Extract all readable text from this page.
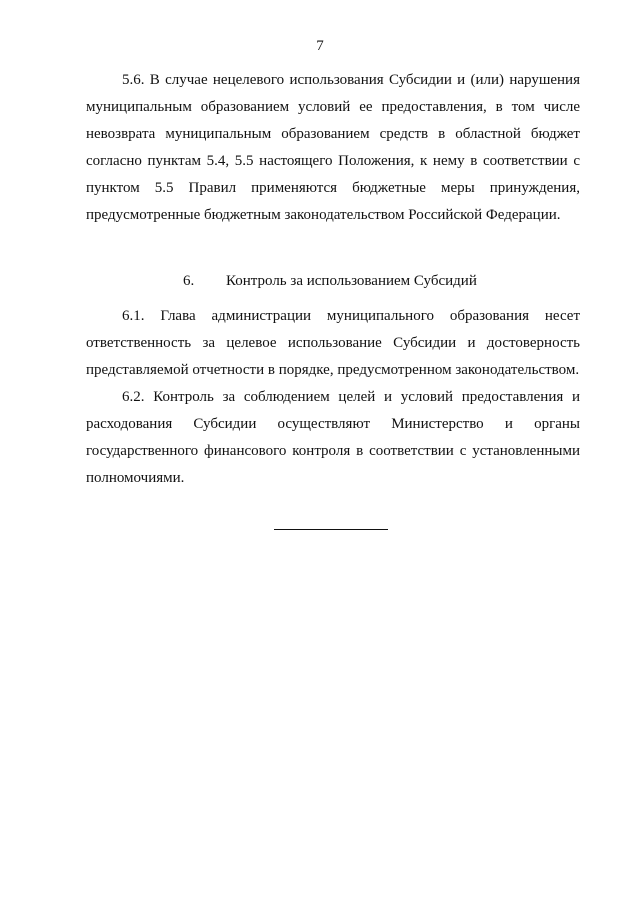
7

5.6. В случае нецелевого использования Субсидии и (или) нарушения муниципальным образованием условий ее предоставления, в том числе невозврата муниципальным образованием средств в областной бюджет согласно пунктам 5.4, 5.5 настоящего Положения, к нему в соответствии с пунктом 5.5 Правил применяются бюджетные меры принуждения, предусмотренные бюджетным законодательством Российской Федерации.

6. Контроль за использованием Субсидий

6.1. Глава администрации муниципального образования несет ответственность за целевое использование Субсидии и достоверность представляемой отчетности в порядке, предусмотренном законодательством.

6.2. Контроль за соблюдением целей и условий предоставления и расходования Субсидии осуществляют Министерство и органы государственного финансового контроля в соответствии с установленными полномочиями.
